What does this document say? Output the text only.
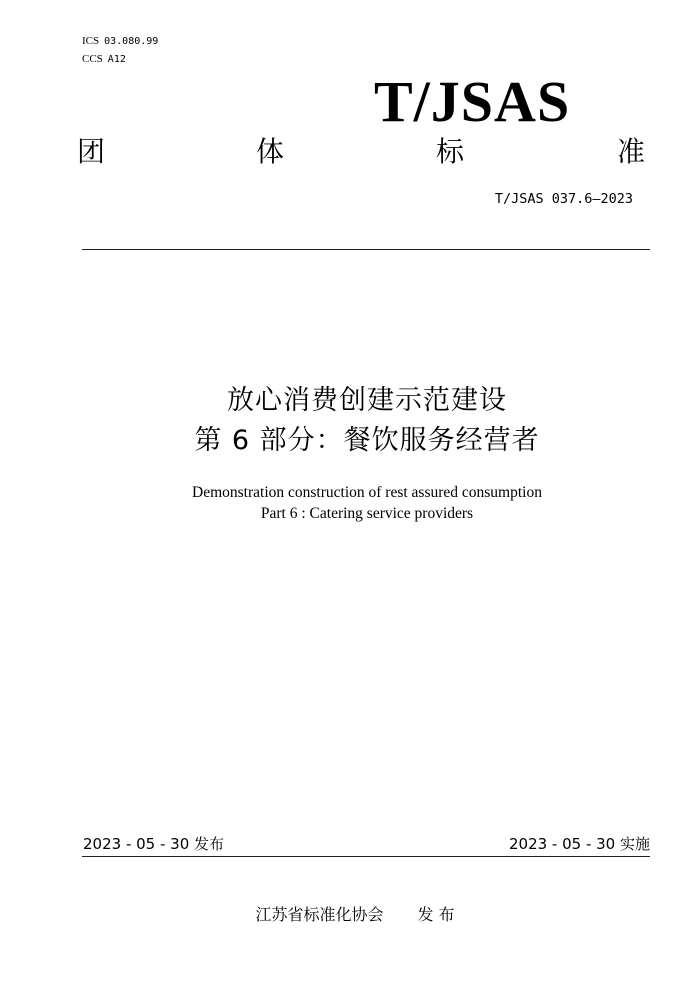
ICS 03.080.99
CCS A12
T/JSAS
团	体	标	准
T/JSAS 037.6—2023
放心消费创建示范建设
第 6 部分：餐饮服务经营者
Demonstration construction of rest assured consumption
Part 6 : Catering service providers
2023 - 05 - 30 发布	2023 - 05 - 30 实施
江苏省标准化协会 发 布
